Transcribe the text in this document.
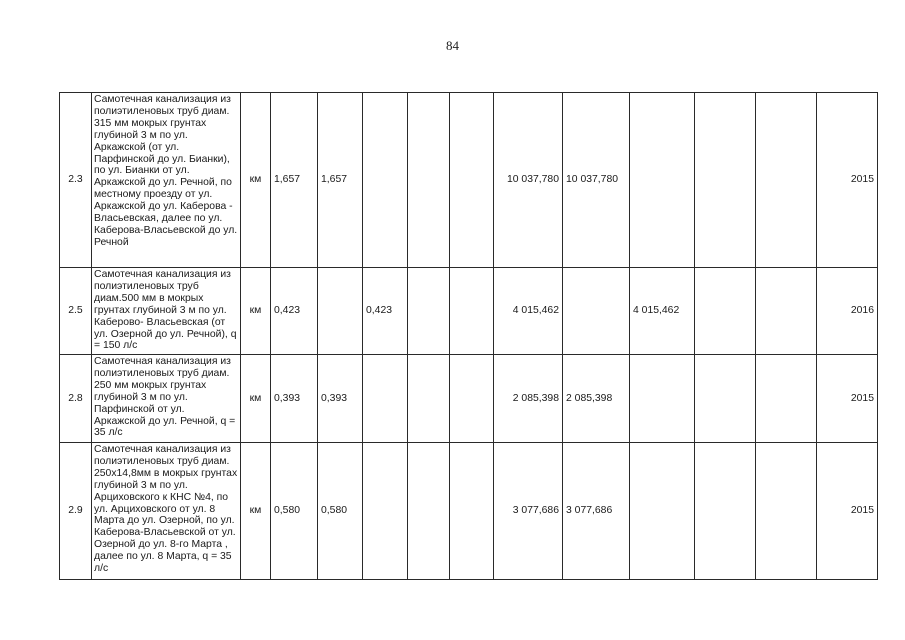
84
2.3	Самотечная канализация из полиэтиленовых труб диам. 315 мм мокрых грунтах глубиной 3 м по ул. Аркажской (от ул. Парфинской до ул. Бианки), по ул. Бианки от ул. Аркажской до ул. Речной, по местному проезду от ул. Аркажской до ул. Каберова - Власьевская, далее по ул. Каберова-Власьевской до ул. Речной	км	1,657	1,657				10 037,780	10 037,780				2015
2.5	Самотечная канализация из полиэтиленовых труб диам.500 мм в мокрых грунтах глубиной 3 м по ул. Каберово- Власьевская (от ул. Озерной до ул. Речной), q = 150 л/с	км	0,423		0,423			4 015,462		4 015,462			2016
2.8	Самотечная канализация из полиэтиленовых труб диам. 250 мм мокрых грунтах глубиной 3 м по ул. Парфинской от ул. Аркажской до ул. Речной, q = 35 л/с	км	0,393	0,393				2 085,398	2 085,398				2015
2.9	Самотечная канализация из полиэтиленовых труб диам. 250х14,8мм в мокрых грунтах глубиной 3 м по ул. Арциховского к КНС №4, по ул. Арциховского от ул. 8 Марта до ул. Озерной, по ул. Каберова-Власьевской от ул. Озерной до ул. 8-го Марта , далее по ул. 8 Марта, q = 35 л/с	км	0,580	0,580				3 077,686	3 077,686				2015
